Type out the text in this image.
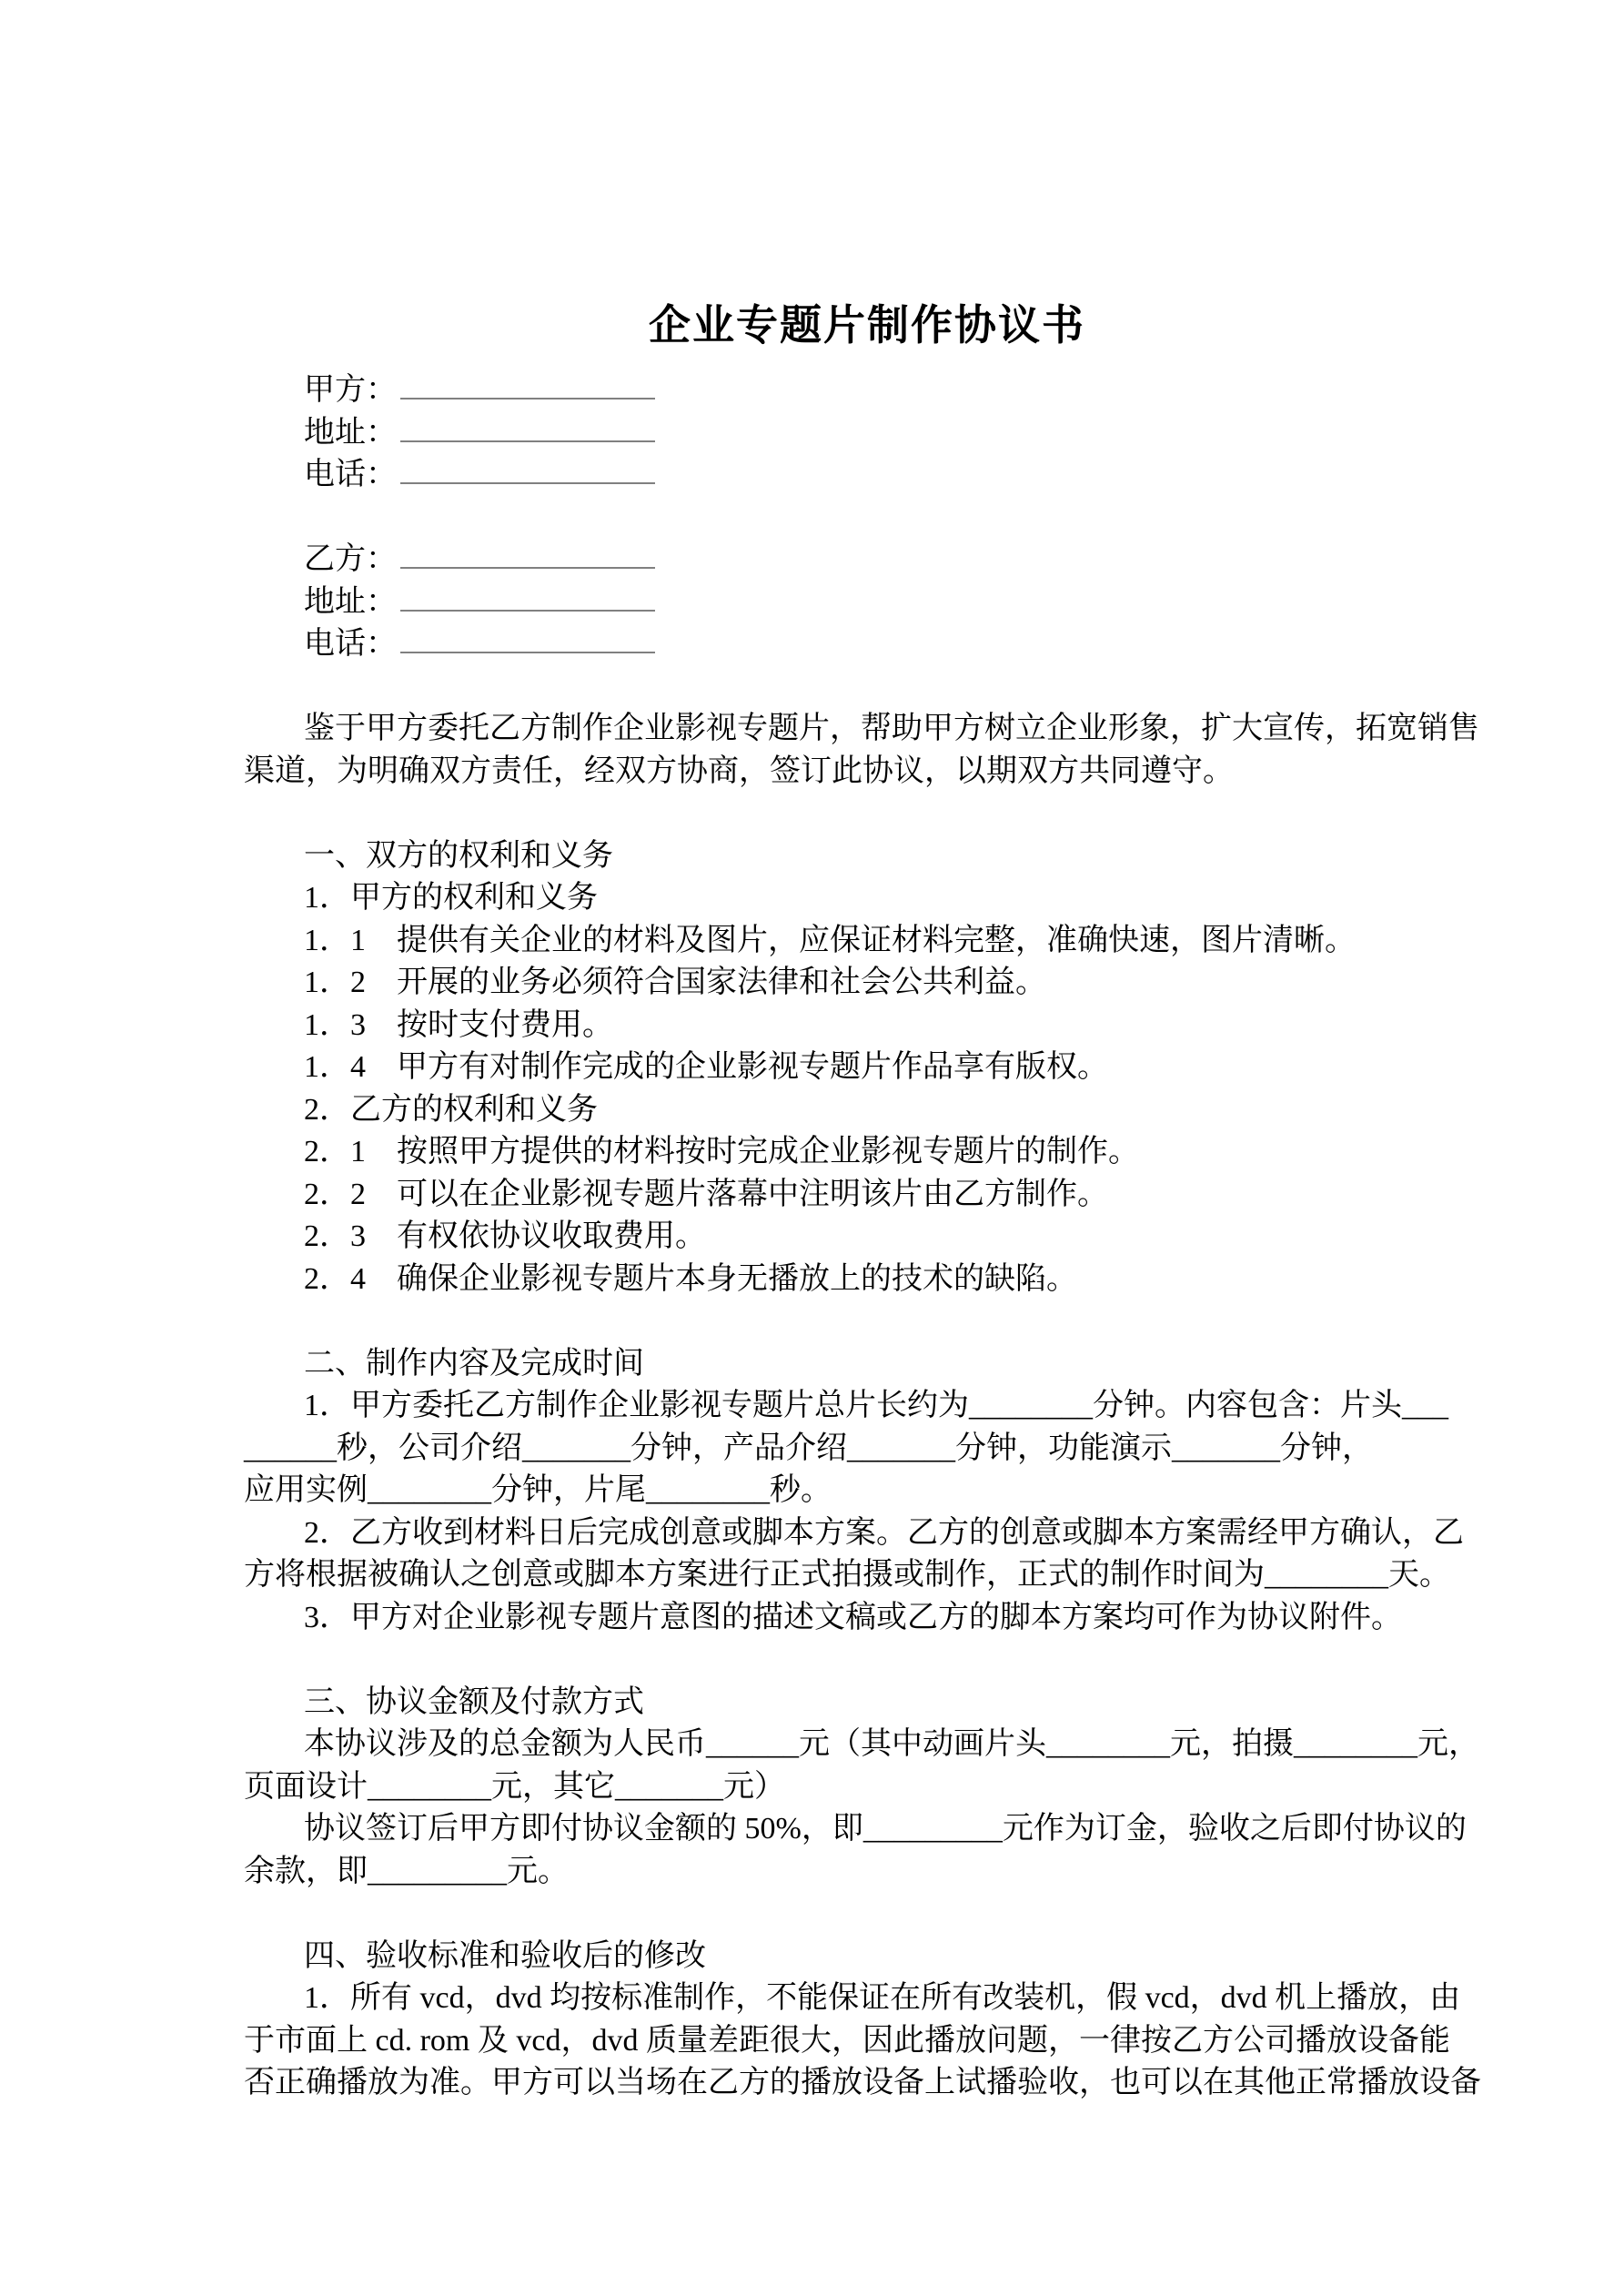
企业专题片制作协议书
甲方：
地址：
电话：
乙方：
地址：
电话：

鉴于甲方委托乙方制作企业影视专题片，帮助甲方树立企业形象，扩大宣传，拓宽销售

渠道，为明确双方责任，经双方协商，签订此协议，以期双方共同遵守。

一、双方的权利和义务

1．甲方的权利和义务

1．1　提供有关企业的材料及图片，应保证材料完整，准确快速，图片清晰。

1．2　开展的业务必须符合国家法律和社会公共利益。

1．3　按时支付费用。

1．4　甲方有对制作完成的企业影视专题片作品享有版权。

2．乙方的权利和义务

2．1　按照甲方提供的材料按时完成企业影视专题片的制作。

2．2　可以在企业影视专题片落幕中注明该片由乙方制作。

2．3　有权依协议收取费用。

2．4　确保企业影视专题片本身无播放上的技术的缺陷。

二、制作内容及完成时间

1．甲方委托乙方制作企业影视专题片总片长约为________分钟。内容包含：片头___

______秒，公司介绍_______分钟，产品介绍_______分钟，功能演示_______分钟，

应用实例________分钟，片尾________秒。

2．乙方收到材料日后完成创意或脚本方案。乙方的创意或脚本方案需经甲方确认，乙

方将根据被确认之创意或脚本方案进行正式拍摄或制作，正式的制作时间为________天。

3．甲方对企业影视专题片意图的描述文稿或乙方的脚本方案均可作为协议附件。

三、协议金额及付款方式

本协议涉及的总金额为人民币______元（其中动画片头________元，拍摄________元，

页面设计________元，其它_______元）

协议签订后甲方即付协议金额的 50%，即_________元作为订金，验收之后即付协议的

余款，即_________元。

四、验收标准和验收后的修改

1．所有 vcd，dvd 均按标准制作，不能保证在所有改装机，假 vcd，dvd 机上播放，由

于市面上 cd. rom 及 vcd，dvd 质量差距很大，因此播放问题，一律按乙方公司播放设备能

否正确播放为准。甲方可以当场在乙方的播放设备上试播验收，也可以在其他正常播放设备
